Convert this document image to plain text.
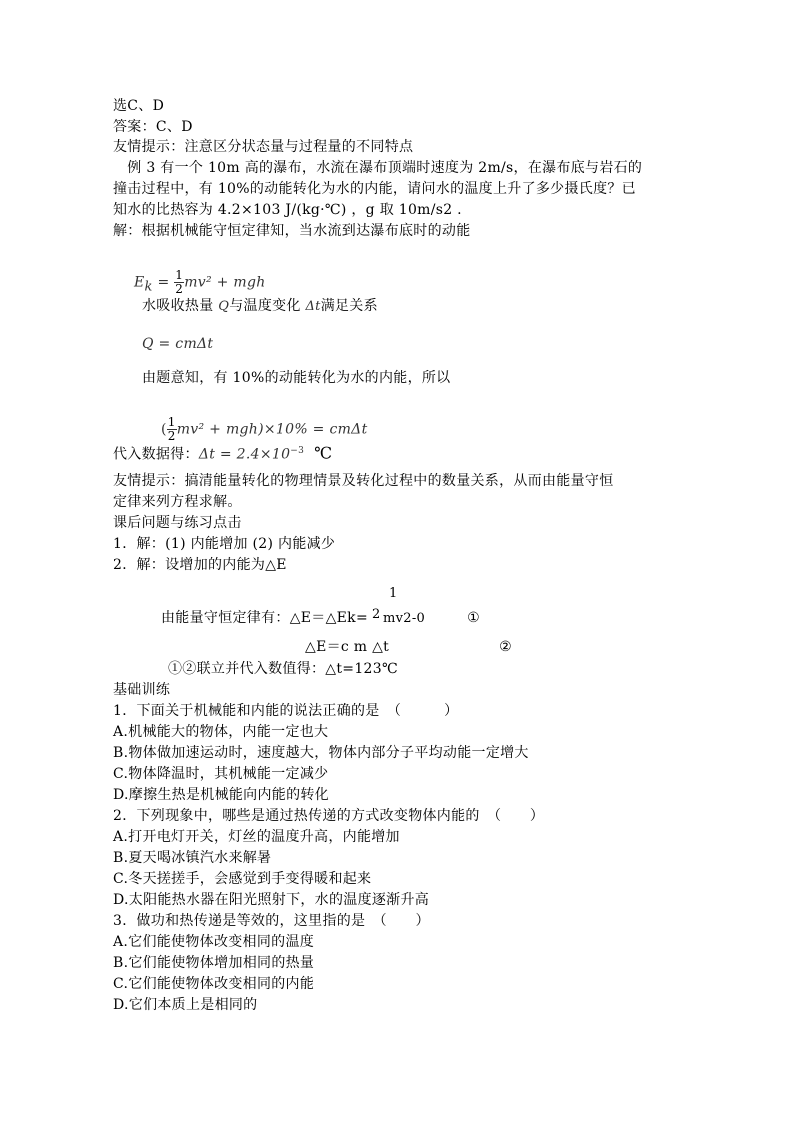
选C、D
答案：C、D
友情提示：注意区分状态量与过程量的不同特点
　例 3 有一个 10m 高的瀑布，水流在瀑布顶端时速度为 2m/s，在瀑布底与岩石的
撞击过程中，有 10%的动能转化为水的内能，请问水的温度上升了多少摄氏度？已
知水的比热容为 4.2×103 J/(kg·℃) ，g 取 10m/s2 .
解：根据机械能守恒定律知，当水流到达瀑布底时的动能

$E_k = \frac{1}{2} mv^2$ + mgh

水吸收热量 Q与温度变化 Δt满足关系
Q = cmΔt
由题意知，有 10%的动能转化为水的内能，所以

( $\frac{1}{2} mv^2 + mgh)\times 10\% = cm\Delta t$

代入数据得：$\Delta t = 2.4\times 10^{-3}$ ℃
友情提示：搞清能量转化的物理情景及转化过程中的数量关系，从而由能量守恒
定律来列方程求解。
课后问题与练习点击
1．解：(1) 内能增加 (2) 内能减少
2．解：设增加的内能为△E
1
由能量守恒定律有：△E＝△Ek= 2 mv2-0	①
△E＝c m △t	②
①②联立并代入数值得：△t=123℃
基础训练
1．下面关于机械能和内能的说法正确的是　（　　　）
A.机械能大的物体，内能一定也大
B.物体做加速运动时，速度越大，物体内部分子平均动能一定增大
C.物体降温时，其机械能一定减少
D.摩擦生热是机械能向内能的转化
2．下列现象中，哪些是通过热传递的方式改变物体内能的　（　　）
A.打开电灯开关，灯丝的温度升高，内能增加
B.夏天喝冰镇汽水来解暑
C.冬天搓搓手，会感觉到手变得暖和起来
D.太阳能热水器在阳光照射下，水的温度逐渐升高
3．做功和热传递是等效的，这里指的是　（　　）
A.它们能使物体改变相同的温度
B.它们能使物体增加相同的热量
C.它们能使物体改变相同的内能
D.它们本质上是相同的
